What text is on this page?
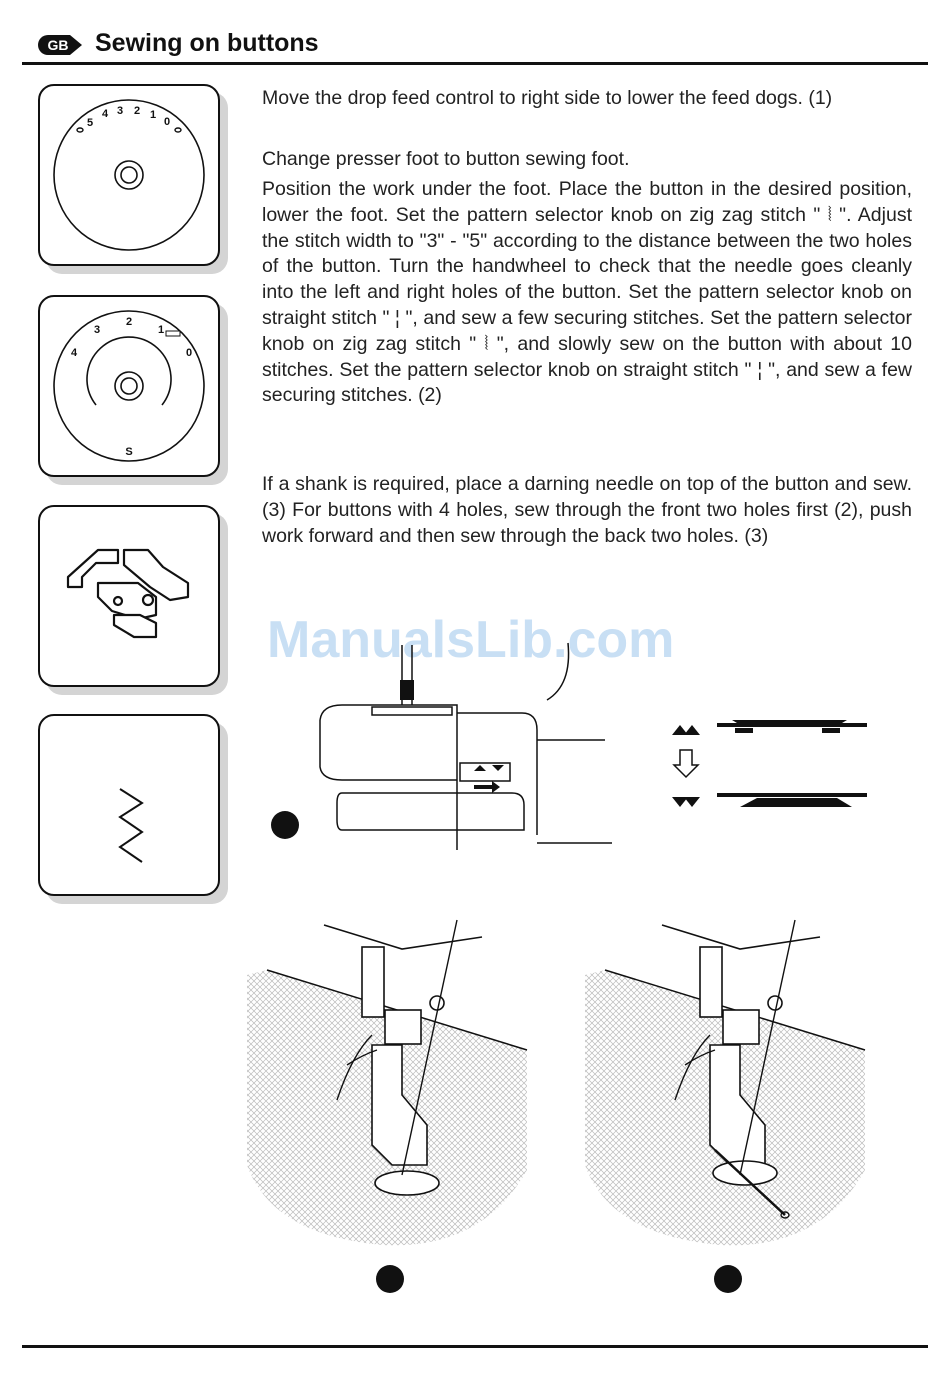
GB Sewing on buttons
5
4 3 2 1
0
4
3
2
1
0
S

Move the drop feed control to right side to lower the feed dogs. (1)

Change presser foot to button sewing foot.

Position the work under the foot. Place the button in the desired position, lower the foot. Set the pattern selector knob on zig zag stitch " ⦚ ". Adjust the stitch width to "3" - "5" according to the distance between the two holes of the button. Turn the handwheel to check that the needle goes cleanly into the left and right holes of the button. Set the pattern selector knob on straight stitch " ¦ ", and sew a few securing stitches. Set the pattern selector knob on zig zag stitch " ⦚ ", and slowly sew on the button with about 10 stitches. Set the pattern selector knob on straight stitch " ¦ ", and sew a few securing stitches. (2)

If a shank is required, place a darning needle on top of the button and sew. (3) For buttons with 4 holes, sew through the front two holes first (2), push work forward and then sew through the back two holes. (3)

ManualsLib.com
